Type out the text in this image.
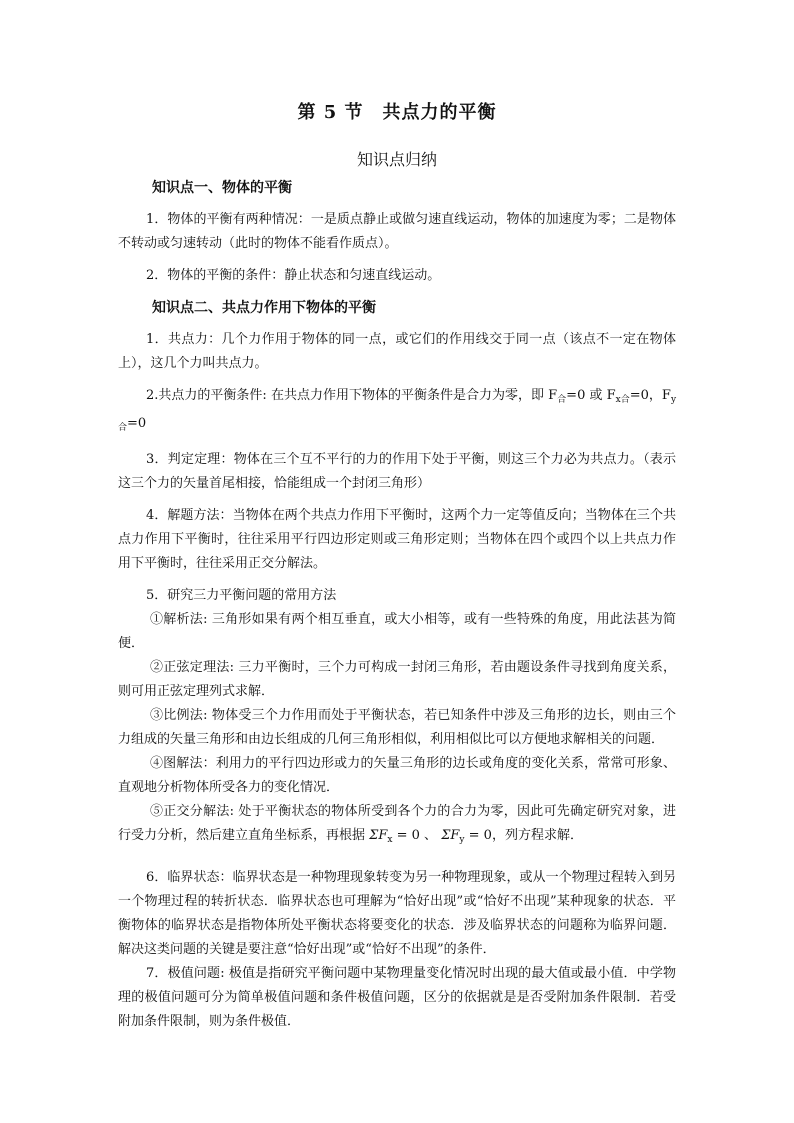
第 5 节　共点力的平衡
知识点归纳
知识点一、物体的平衡

1．物体的平衡有两种情况：一是质点静止或做匀速直线运动，物体的加速度为零；二是物体不转动或匀速转动（此时的物体不能看作质点）。

2．物体的平衡的条件：静止状态和匀速直线运动。

知识点二、共点力作用下物体的平衡

1．共点力：几个力作用于物体的同一点，或它们的作用线交于同一点（该点不一定在物体上），这几个力叫共点力。

2.共点力的平衡条件: 在共点力作用下物体的平衡条件是合力为零，即 $F_合=0$ 或 $F_{x合}=0$，$F_{y合}=0$

3．判定定理：物体在三个互不平行的力的作用下处于平衡，则这三个力必为共点力。（表示这三个力的矢量首尾相接，恰能组成一个封闭三角形）

4．解题方法：当物体在两个共点力作用下平衡时，这两个力一定等值反向；当物体在三个共点力作用下平衡时，往往采用平行四边形定则或三角形定则；当物体在四个或四个以上共点力作用下平衡时，往往采用正交分解法。

5．研究三力平衡问题的常用方法

①解析法: 三角形如果有两个相互垂直，或大小相等，或有一些特殊的角度，用此法甚为简便．

②正弦定理法: 三力平衡时，三个力可构成一封闭三角形，若由题设条件寻找到角度关系，则可用正弦定理列式求解．

③比例法: 物体受三个力作用而处于平衡状态，若已知条件中涉及三角形的边长，则由三个力组成的矢量三角形和由边长组成的几何三角形相似，利用相似比可以方便地求解相关的问题．

④图解法：利用力的平行四边形或力的矢量三角形的边长或角度的变化关系，常常可形象、直观地分析物体所受各力的变化情况．

⑤正交分解法: 处于平衡状态的物体所受到各个力的合力为零，因此可先确定研究对象，进行受力分析，然后建立直角坐标系，再根据 $\Sigma F_x = 0$ 、 $\Sigma F_y = 0$，列方程求解．

6．临界状态：临界状态是一种物理现象转变为另一种物理现象，或从一个物理过程转入到另一个物理过程的转折状态．临界状态也可理解为“恰好出现”或“恰好不出现”某种现象的状态．平衡物体的临界状态是指物体所处平衡状态将要变化的状态．涉及临界状态的问题称为临界问题．解决这类问题的关键是要注意“恰好出现”或“恰好不出现”的条件．

7．极值问题: 极值是指研究平衡问题中某物理量变化情况时出现的最大值或最小值．中学物理的极值问题可分为简单极值问题和条件极值问题，区分的依据就是是否受附加条件限制．若受附加条件限制，则为条件极值．
